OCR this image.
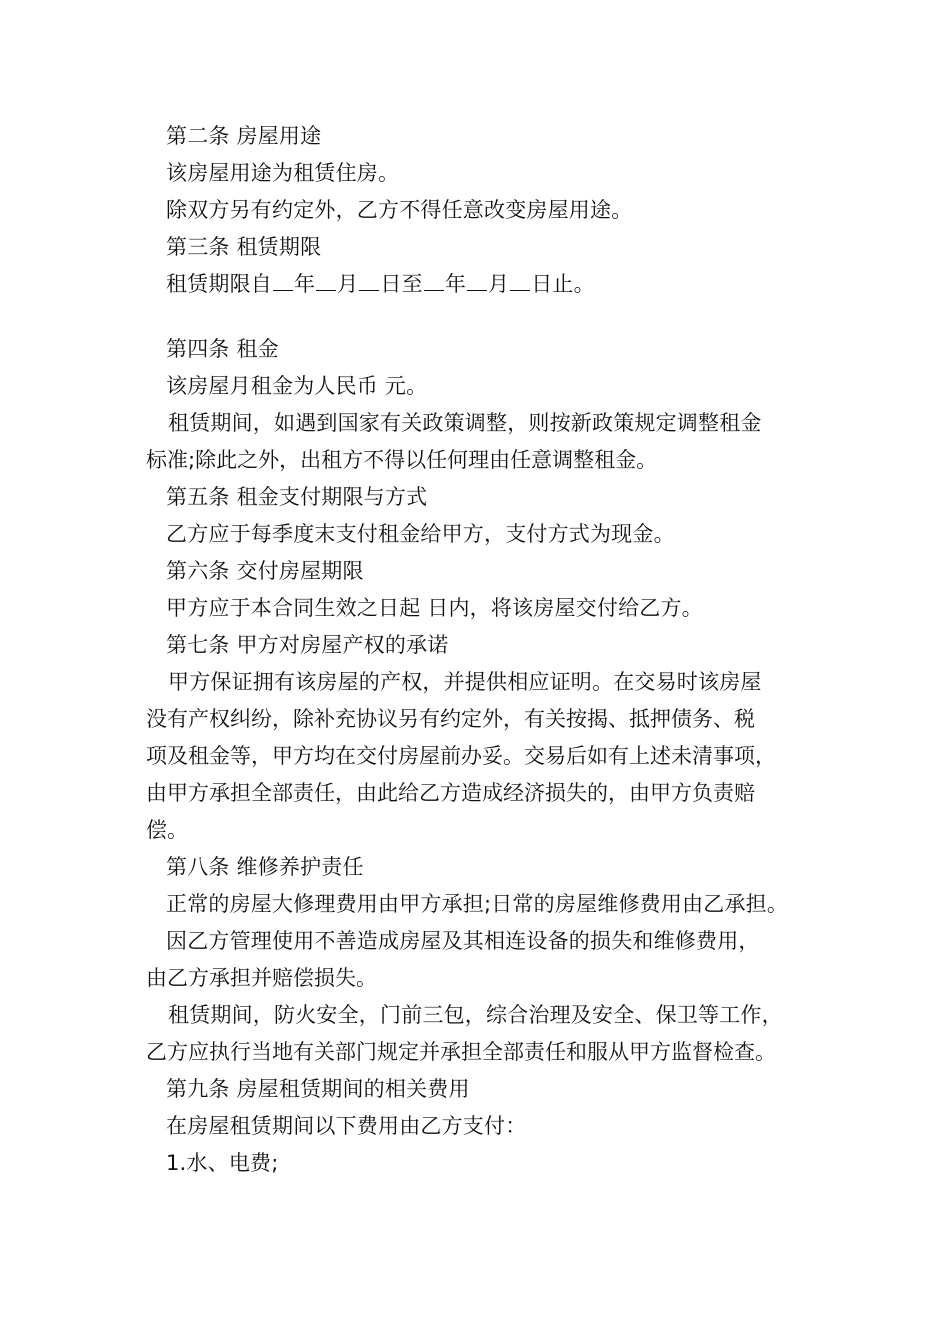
第二条 房屋用途
该房屋用途为租赁住房。
除双方另有约定外，乙方不得任意改变房屋用途。
第三条 租赁期限
租赁期限自 年 月 日至 年 月 日止。
第四条 租金
该房屋月租金为人民币 元。
租赁期间，如遇到国家有关政策调整，则按新政策规定调整租金
标准;除此之外，出租方不得以任何理由任意调整租金。
第五条 租金支付期限与方式
乙方应于每季度末支付租金给甲方，支付方式为现金。
第六条 交付房屋期限
甲方应于本合同生效之日起 日内，将该房屋交付给乙方。
第七条 甲方对房屋产权的承诺
甲方保证拥有该房屋的产权，并提供相应证明。在交易时该房屋
没有产权纠纷，除补充协议另有约定外，有关按揭、抵押债务、税
项及租金等，甲方均在交付房屋前办妥。交易后如有上述未清事项，
由甲方承担全部责任，由此给乙方造成经济损失的，由甲方负责赔
偿。
第八条 维修养护责任
正常的房屋大修理费用由甲方承担;日常的房屋维修费用由乙承担。
因乙方管理使用不善造成房屋及其相连设备的损失和维修费用，
由乙方承担并赔偿损失。
租赁期间，防火安全，门前三包，综合治理及安全、保卫等工作，
乙方应执行当地有关部门规定并承担全部责任和服从甲方监督检查。
第九条 房屋租赁期间的相关费用
在房屋租赁期间以下费用由乙方支付：
1.水、电费;
